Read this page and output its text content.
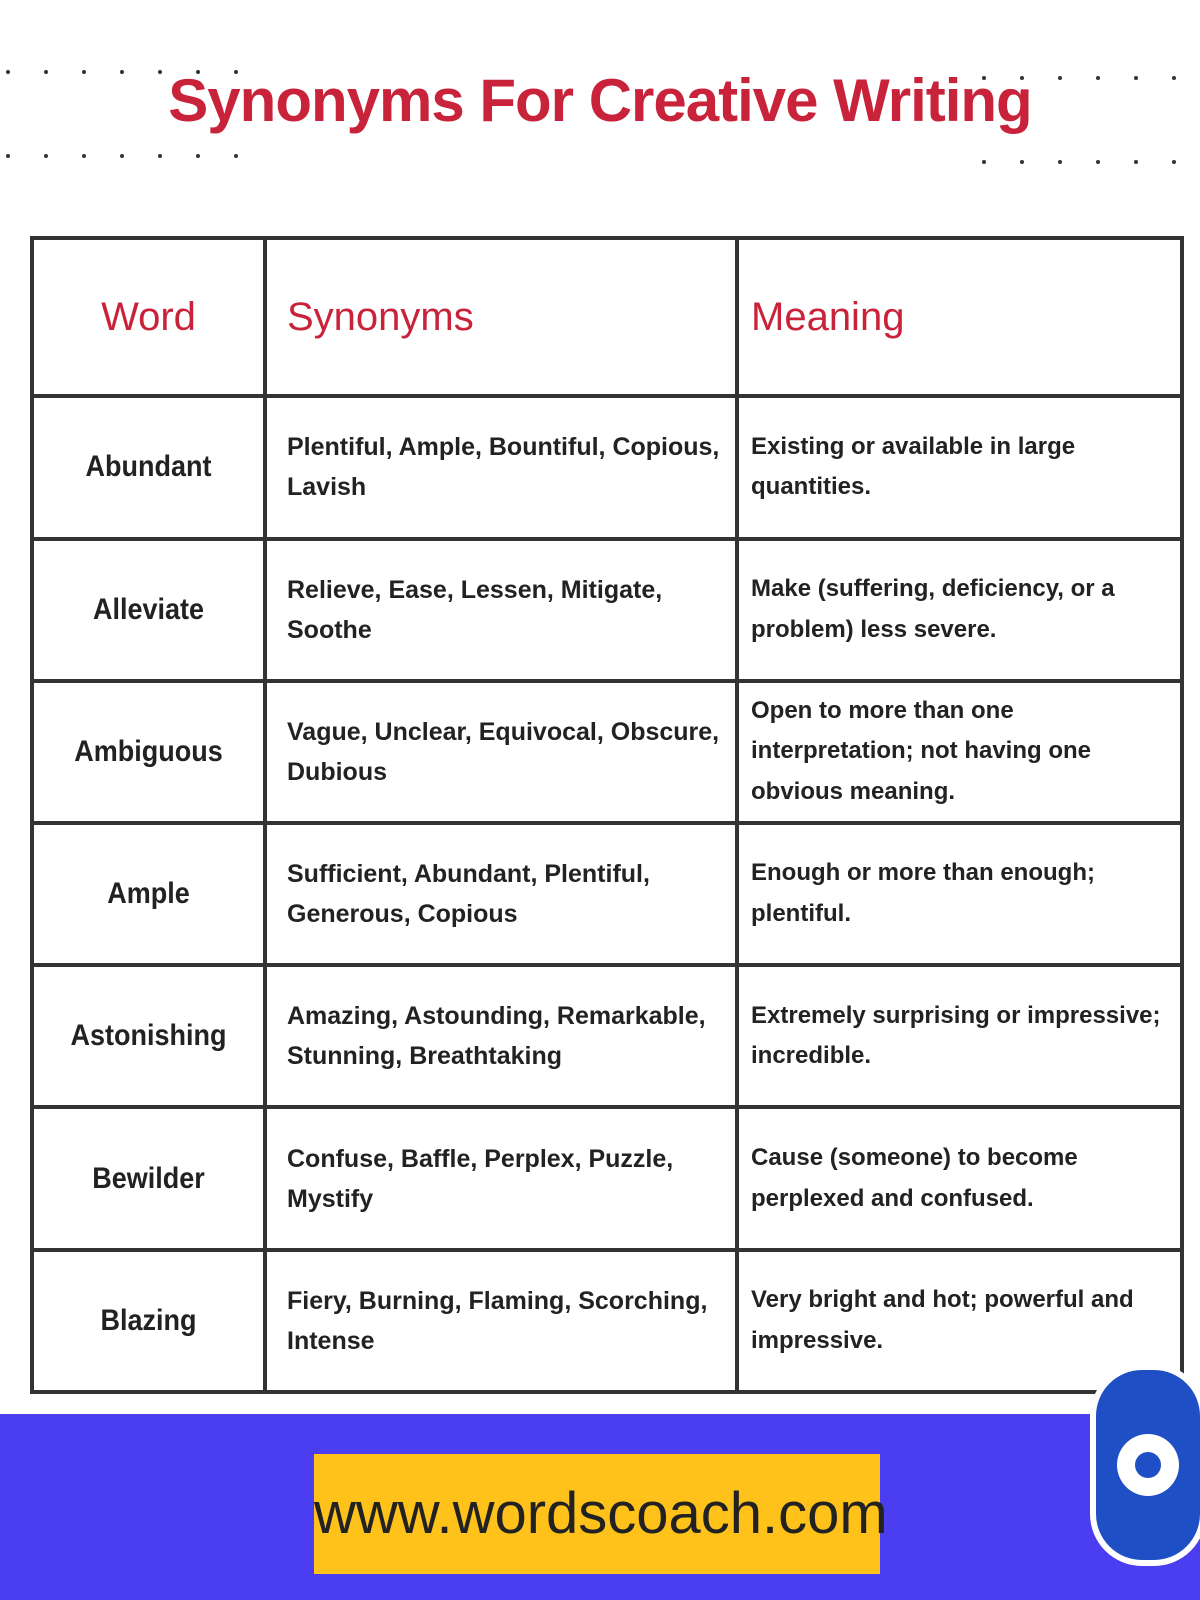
Synonyms For Creative Writing
Word	Synonyms	Meaning
Abundant	Plentiful, Ample, Bountiful, Copious, Lavish	Existing or available in large quantities.
Alleviate	Relieve, Ease, Lessen, Mitigate, Soothe	Make (suffering, deficiency, or a problem) less severe.
Ambiguous	Vague, Unclear, Equivocal, Obscure, Dubious	Open to more than one interpretation; not having one obvious meaning.
Ample	Sufficient, Abundant, Plentiful, Generous, Copious	Enough or more than enough; plentiful.
Astonishing	Amazing, Astounding, Remarkable, Stunning, Breathtaking	Extremely surprising or impressive; incredible.
Bewilder	Confuse, Baffle, Perplex, Puzzle, Mystify	Cause (someone) to become perplexed and confused.
Blazing	Fiery, Burning, Flaming, Scorching, Intense	Very bright and hot; powerful and impressive.
www.wordscoach.com
